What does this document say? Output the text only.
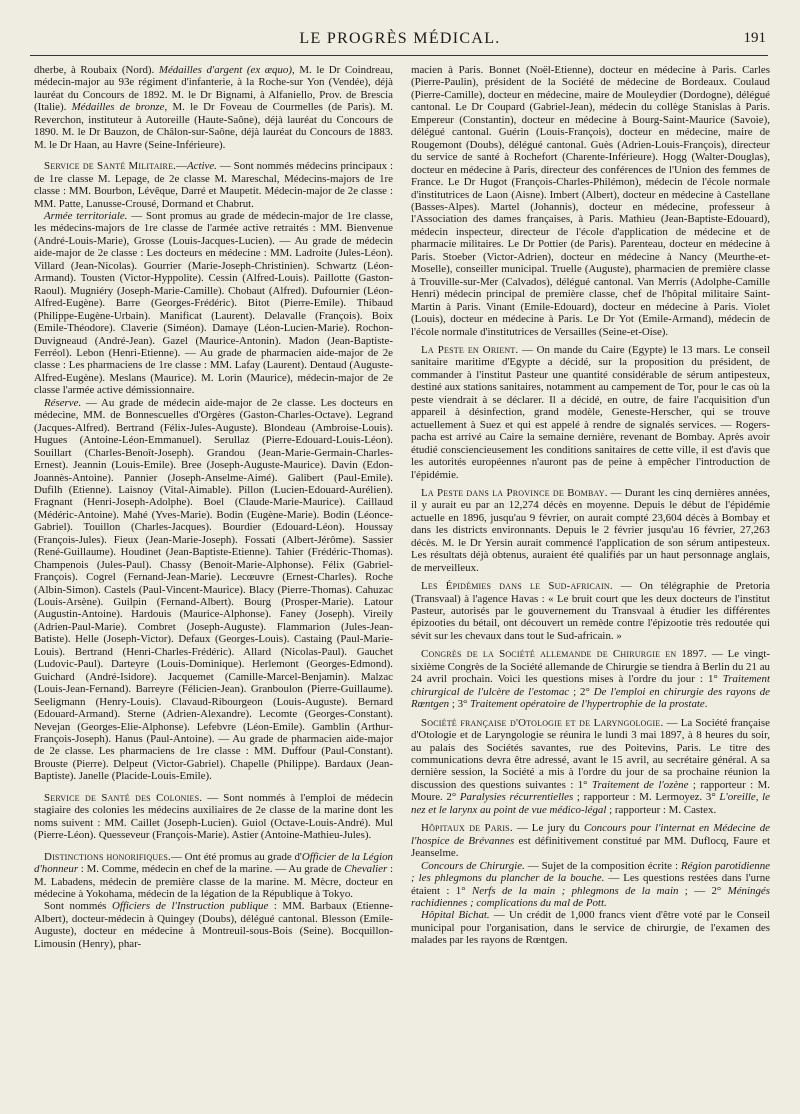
LE PROGRÈS MÉDICAL.	191

dherbe, à Roubaix (Nord). Médailles d'argent (ex æquo), M. le Dr Coindreau, médecin-major au 93e régiment d'infanterie, à la Roche-sur Yon (Vendée), déjà lauréat du Concours de 1892. M. le Dr Bignami, à Alfaniello, Prov. de Brescia (Italie). Médailles de bronze, M. le Dr Foveau de Courmelles (de Paris). M. Reverchon, instituteur à Autoreille (Haute-Saône), déjà lauréat du Concours de 1890. M. le Dr Bauzon, de Châlon-sur-Saône, déjà lauréat du Concours de 1883. M. le Dr Haan, au Havre (Seine-Inférieure).

Service de Santé Militaire.—Active. — Sont nommés médecins principaux : de 1re classe M. Lepage, de 2e classe M. Mareschal, Médecins-majors de 1re classe : MM. Bourbon, Lévêque, Darré et Maupetit. Médecin-major de 2e classe : MM. Patte, Lanusse-Crousé, Dormand et Chabrut.

Armée territoriale. — Sont promus au grade de médecin-major de 1re classe, les médecins-majors de 1re classe de l'armée active retraités : MM. Bienvenue (André-Louis-Marie), Grosse (Louis-Jacques-Lucien). — Au grade de médecin aide-major de 2e classe : Les docteurs en médecine : MM. Ladroite (Jules-Léon). Villard (Jean-Nicolas). Gourrier (Marie-Joseph-Christinien). Schwartz (Léon-Armand). Tousten (Victor-Hyppolite). Cessin (Alfred-Louis). Paillotte (Gaston-Raoul). Mugniéry (Joseph-Marie-Camille). Chobaut (Alfred). Dufournier (Léon-Alfred-Eugène). Barre (Georges-Frédéric). Bitot (Pierre-Emile). Thibaud (Philippe-Eugène-Urbain). Manificat (Laurent). Delavalle (François). Boix (Emile-Théodore). Claverie (Siméon). Damaye (Léon-Lucien-Marie). Rochon-Duvigneaud (André-Jean). Gazel (Maurice-Antonin). Madon (Jean-Baptiste-Ferréol). Lebon (Henri-Etienne). — Au grade de pharmacien aide-major de 2e classe : Les pharmaciens de 1re classe : MM. Lafay (Laurent). Dentaud (Auguste-Alfred-Eugène). Meslans (Maurice). M. Lorin (Maurice), médecin-major de 2e classe l'armée active démissionnaire.

Réserve. — Au grade de médecin aide-major de 2e classe. Les docteurs en médecine, MM. de Bonnescuelles d'Orgères (Gaston-Charles-Octave). Legrand (Jacques-Alfred). Bertrand (Félix-Jules-Auguste). Blondeau (Ambroise-Louis). Hugues (Antoine-Léon-Emmanuel). Serullaz (Pierre-Edouard-Louis-Léon). Souillart (Charles-Benoît-Joseph). Grandou (Jean-Marie-Germain-Charles-Ernest). Jeannin (Louis-Emile). Bree (Joseph-Auguste-Maurice). Davin (Edon-Joannès-Antoine). Pannier (Joseph-Anselme-Aimé). Galibert (Paul-Emile). Dufilh (Etienne). Laisnoy (Vital-Aimable). Pillon (Lucien-Edouard-Aurélien). Fragnant (Henri-Joseph-Adolphe). Boel (Claude-Marie-Maurice). Caillaud (Médéric-Antoine). Mahé (Yves-Marie). Bodin (Eugène-Marie). Bodin (Léonce-Gabriel). Touillon (Charles-Jacques). Bourdier (Edouard-Léon). Houssay (François-Jules). Fieux (Jean-Marie-Joseph). Fossati (Albert-Jérôme). Sassier (René-Guillaume). Houdinet (Jean-Baptiste-Etienne). Tahier (Frédéric-Thomas). Champenois (Jules-Paul). Chassy (Benoit-Marie-Alphonse). Félix (Gabriel-François). Cogrel (Fernand-Jean-Marie). Lecœuvre (Ernest-Charles). Roche (Albin-Simon). Castels (Paul-Vincent-Maurice). Blacy (Pierre-Thomas). Cahuzac (Louis-Arsène). Guilpin (Fernand-Albert). Bourg (Prosper-Marie). Latour (Augustin-Antoine). Hardouis (Maurice-Alphonse). Faney (Joseph). Vireily (Adrien-Paul-Marie). Combret (Joseph-Auguste). Flammarion (Jules-Jean-Batiste). Helle (Joseph-Victor). Defaux (Georges-Louis). Castaing (Paul-Marie-Louis). Bertrand (Henri-Charles-Frédéric). Allard (Nicolas-Paul). Gauchet (Ludovic-Paul). Darteyre (Louis-Dominique). Herlemont (Georges-Edmond). Guichard (André-Isidore). Jacquemet (Camille-Marcel-Benjamin). Malzac (Louis-Jean-Fernand). Barreyre (Félicien-Jean). Granboulon (Pierre-Guillaume). Seeligmann (Henry-Louis). Clavaud-Ribourgeon (Louis-Auguste). Bernard (Edouard-Armand). Sterne (Adrien-Alexandre). Lecomte (Georges-Constant). Nevejan (Georges-Elie-Alphonse). Lefebvre (Léon-Emile). Gamblin (Arthur-François-Joseph). Hanus (Paul-Antoine). — Au grade de pharmacien aide-major de 2e classe. Les pharmaciens de 1re classe : MM. Duffour (Paul-Constant). Brouste (Pierre). Delpeut (Victor-Gabriel). Chapelle (Philippe). Bardaux (Jean-Baptiste). Janelle (Placide-Louis-Emile).

Service de Santé des Colonies. — Sont nommés à l'emploi de médecin stagiaire des colonies les médecins auxiliaires de 2e classe de la marine dont les noms suivent : MM. Caillet (Joseph-Lucien). Guiol (Octave-Louis-André). Mul (Pierre-Léon). Quesseveur (François-Marie). Astier (Antoine-Mathieu-Jules).

Distinctions honorifiques.— Ont été promus au grade d'Officier de la Légion d'honneur : M. Comme, médecin en chef de la marine. — Au grade de Chevalier : M. Labadens, médecin de première classe de la marine. M. Mècre, docteur en médecine à Yokohama, médecin de la légation de la République à Tokyo.

Sont nommés Officiers de l'Instruction publique : MM. Barbaux (Etienne-Albert), docteur-médecin à Quingey (Doubs), délégué cantonal. Blesson (Emile-Auguste), docteur en médecine à Montreuil-sous-Bois (Seine). Bocquillon-Limousin (Henry), phar-

macien à Paris. Bonnet (Noël-Etienne), docteur en médecine à Paris. Carles (Pierre-Paulin), président de la Société de médecine de Bordeaux. Coulaud (Pierre-Camille), docteur en médecine, maire de Mouleydier (Dordogne), délégué cantonal. Le Dr Coupard (Gabriel-Jean), médecin du collège Stanislas à Paris. Empereur (Constantin), docteur en médecine à Bourg-Saint-Maurice (Savoie), délégué cantonal. Guérin (Louis-François), docteur en médecine, maire de Rougemont (Doubs), délégué cantonal. Guès (Adrien-Louis-François), directeur du service de santé à Rochefort (Charente-Inférieure). Hogg (Walter-Douglas), docteur en médecine à Paris, directeur des conférences de l'Union des femmes de France. Le Dr Hugot (François-Charles-Philémon), médecin de l'école normale d'institutrices de Laon (Aisne). Imbert (Albert), docteur en médecine à Castellane (Basses-Alpes). Martel (Johannis), docteur en médecine, professeur à l'Association des dames françaises, à Paris. Mathieu (Jean-Baptiste-Edouard), médecin inspecteur, directeur de l'école d'application de médecine et de pharmacie militaires. Le Dr Pottier (de Paris). Parenteau, docteur en médecine à Paris. Stoeber (Victor-Adrien), docteur en médecine à Nancy (Meurthe-et-Moselle), conseiller municipal. Truelle (Auguste), pharmacien de première classe à Trouville-sur-Mer (Calvados), délégué cantonal. Van Merris (Adolphe-Camille Henri) médecin principal de première classe, chef de l'hôpital militaire Saint-Martin à Paris. Vinant (Emile-Edouard), docteur en médecine à Paris. Violet (Louis), docteur en médecine à Paris. Le Dr Yot (Emile-Armand), médecin de l'école normale d'institutrices de Versailles (Seine-et-Oise).

La Peste en Orient. — On mande du Caire (Egypte) le 13 mars. Le conseil sanitaire maritime d'Egypte a décidé, sur la proposition du président, de commander à l'institut Pasteur une quantité considérable de sérum antipesteux, destiné aux stations sanitaires, notamment au campement de Tor, pour le cas où la peste viendrait à se déclarer. Il a décidé, en outre, de faire l'acquisition d'un appareil à désinfection, grand modèle, Geneste-Herscher, qui se trouve actuellement à Suez et qui est appelé à rendre de signalés services. — Rogers-pacha est arrivé au Caire la semaine dernière, revenant de Bombay. Après avoir étudié consciencieusement les conditions sanitaires de cette ville, il est d'avis que les autorités européennes n'auront pas de peine à empêcher l'introduction de l'épidémie.

La Peste dans la Province de Bombay. — Durant les cinq dernières années, il y aurait eu par an 12,274 décès en moyenne. Depuis le début de l'épidémie actuelle en 1896, jusqu'au 9 février, on aurait compté 23,604 décès à Bombay et dans les districts environnants. Depuis le 2 février jusqu'au 16 février, 27,263 décès. M. le Dr Yersin aurait commencé l'application de son sérum antipesteux. Les résultats déjà obtenus, auraient été qualifiés par un haut personnage anglais, de merveilleux.

Les Épidémies dans le Sud-africain. — On télégraphie de Pretoria (Transvaal) à l'agence Havas : « Le bruit court que les deux docteurs de l'institut Pasteur, autorisés par le gouvernement du Transvaal à étudier les différentes épizooties du bétail, ont découvert un remède contre l'épizootie très redoutée qui sévit sur les chevaux dans tout le Sud-africain. »

Congrès de la Société allemande de Chirurgie en 1897. — Le vingt-sixième Congrès de la Société allemande de Chirurgie se tiendra à Berlin du 21 au 24 avril prochain. Voici les questions mises à l'ordre du jour : 1° Traitement chirurgical de l'ulcère de l'estomac ; 2° De l'emploi en chirurgie des rayons de Rœntgen ; 3° Traitement opératoire de l'hypertrophie de la prostate.

Société française d'Otologie et de Laryngologie. — La Société française d'Otologie et de Laryngologie se réunira le lundi 3 mai 1897, à 8 heures du soir, au palais des Sociétés savantes, rue des Poitevins, Paris. Le titre des communications devra être adressé, avant le 15 avril, au secrétaire général. A sa dernière session, la Société a mis à l'ordre du jour de sa prochaine réunion la discussion des questions suivantes : 1° Traitement de l'ozène ; rapporteur : M. Moure. 2° Paralysies récurrentielles ; rapporteur : M. Lermoyez. 3° L'oreille, le nez et le larynx au point de vue médico-légal ; rapporteur : M. Castex.

Hôpitaux de Paris. — Le jury du Concours pour l'internat en Médecine de l'hospice de Brévannes est définitivement constitué par MM. Duflocq, Faure et Jeanselme.

Concours de Chirurgie. — Sujet de la composition écrite : Région parotidienne ; les phlegmons du plancher de la bouche. — Les questions restées dans l'urne étaient : 1° Nerfs de la main ; phlegmons de la main ; — 2° Méningés rachidiennes ; complications du mal de Pott.

Hôpital Bichat. — Un crédit de 1,000 francs vient d'être voté par le Conseil municipal pour l'organisation, dans le service de chirurgie, de l'examen des malades par les rayons de Rœntgen.
